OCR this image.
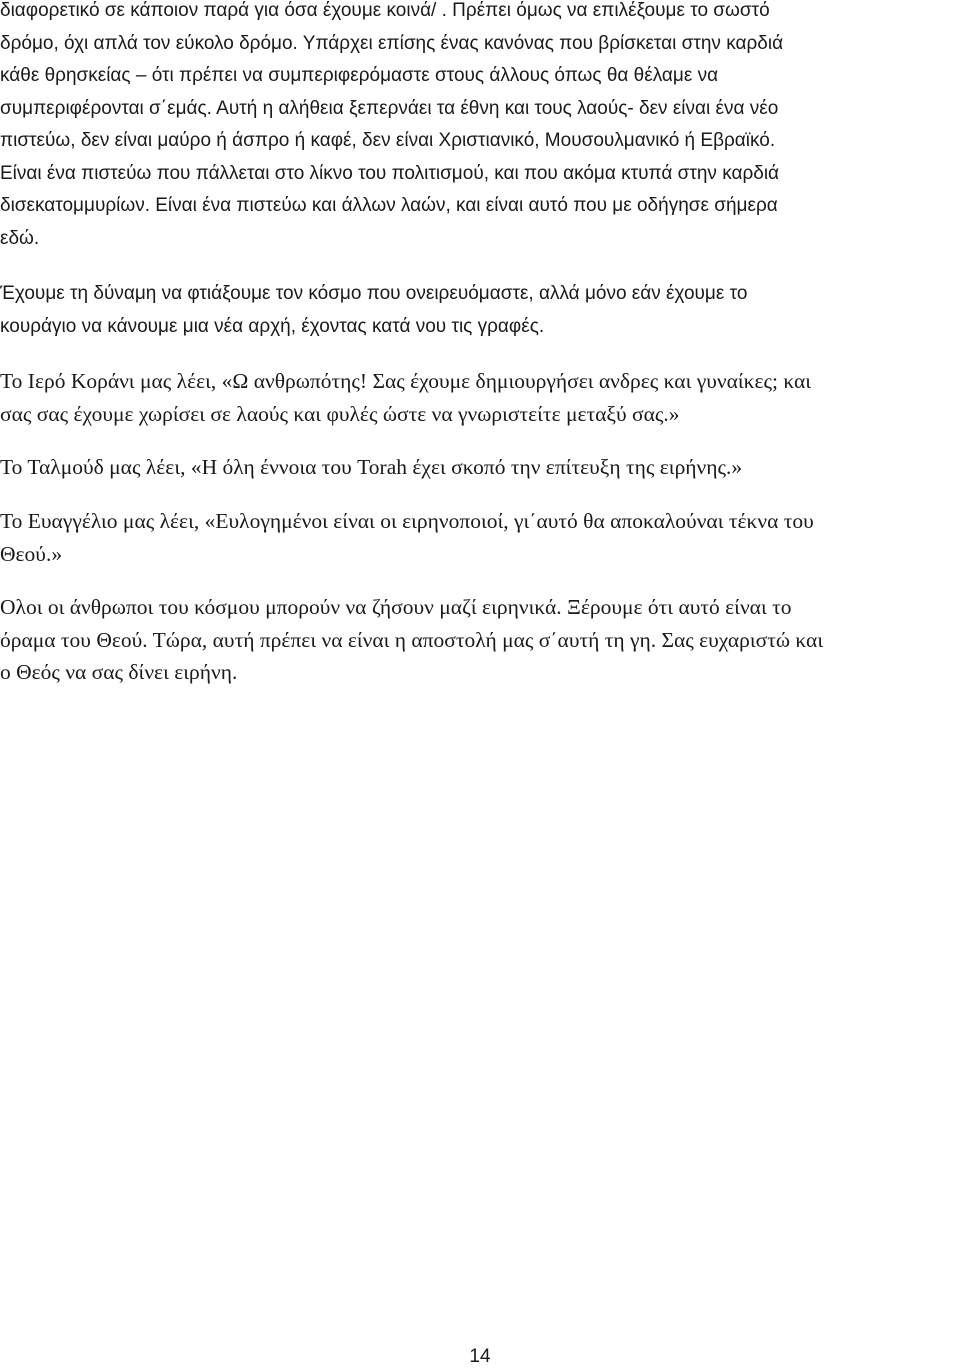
διαφορετικό σε κάποιον παρά για όσα έχουμε κοινά/ . Πρέπει όμως να επιλέξουμε το σωστό
δρόμο, όχι απλά τον εύκολο δρόμο. Υπάρχει επίσης ένας κανόνας που βρίσκεται στην καρδιά
κάθε θρησκείας – ότι πρέπει να συμπεριφερόμαστε στους άλλους όπως θα θέλαμε να
συμπεριφέρονται σ΄εμάς. Αυτή η αλήθεια ξεπερνάει τα έθνη και τους λαούς- δεν είναι ένα νέο
πιστεύω, δεν είναι μαύρο ή άσπρο ή καφέ, δεν είναι Χριστιανικό, Μουσουλμανικό ή Εβραϊκό.
Είναι ένα πιστεύω που πάλλεται στο λίκνο του πολιτισμού, και που ακόμα κτυπά στην καρδιά
δισεκατομμυρίων. Είναι ένα πιστεύω και άλλων λαών, και είναι αυτό που με οδήγησε σήμερα
εδώ.
Έχουμε τη δύναμη να φτιάξουμε τον κόσμο που ονειρευόμαστε, αλλά μόνο εάν έχουμε το
κουράγιο να κάνουμε μια νέα αρχή, έχοντας κατά νου τις γραφές.
Το Ιερό Κοράνι μας λέει, «Ω ανθρωπότης! Σας έχουμε δημιουργήσει ανδρες και γυναίκες; και
σας σας έχουμε χωρίσει σε λαούς και φυλές ώστε να γνωριστείτε μεταξύ σας.»
Το Ταλμούδ μας λέει, «Η όλη έννοια του Torah έχει σκοπό την επίτευξη της ειρήνης.»
Το Ευαγγέλιο μας λέει, «Ευλογημένοι είναι οι ειρηνοποιοί, γι΄αυτό θα αποκαλούναι τέκνα του
Θεού.»
Ολοι οι άνθρωποι του κόσμου μπορούν να ζήσουν μαζί ειρηνικά. Ξέρουμε ότι αυτό είναι το
όραμα του Θεού. Τώρα, αυτή πρέπει να είναι η αποστολή μας σ΄αυτή τη γη. Σας ευχαριστώ και
ο Θεός να σας δίνει ειρήνη.
14
